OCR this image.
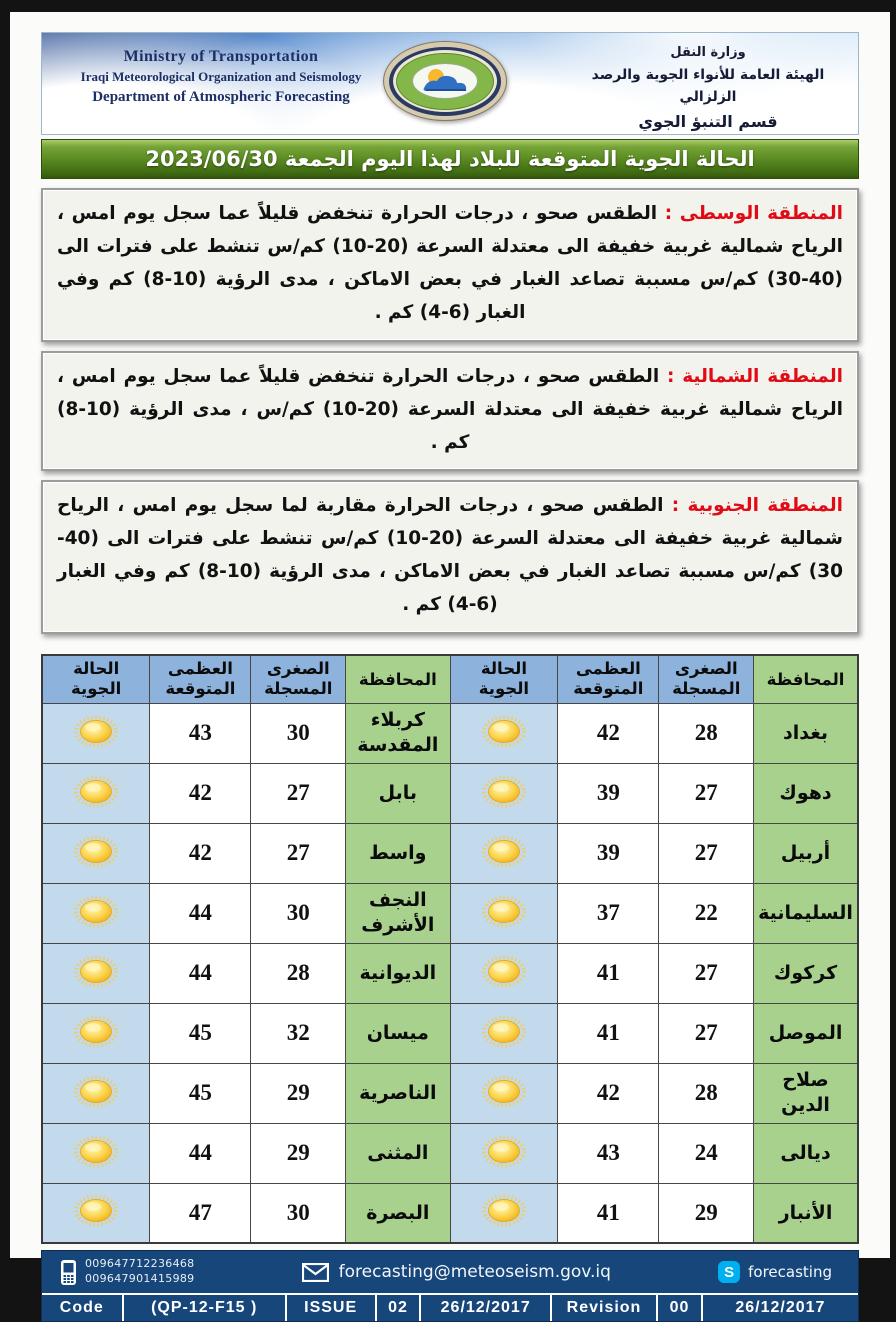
Ministry of Transportation
Iraqi Meteorological Organization and Seismology
Department of Atmospheric Forecasting
وزارة النقل
الهيئة العامة للأنواء الجوية والرصد الزلزالي
قسم التنبؤ الجوي
الحالة الجوية المتوقعة للبلاد لهذا اليوم الجمعة 2023/06/30
المنطقة الوسطى : الطقس صحو ، درجات الحرارة تنخفض قليلاً عما سجل يوم امس ، الرياح شمالية غربية خفيفة الى معتدلة السرعة (20-10) كم/س تنشط على فترات الى (40-30) كم/س مسببة تصاعد الغبار في بعض الاماكن ، مدى الرؤية (10-8) كم وفي الغبار (6-4) كم .
المنطقة الشمالية : الطقس صحو ، درجات الحرارة تنخفض قليلاً عما سجل يوم امس ، الرياح شمالية غربية خفيفة الى معتدلة السرعة (20-10) كم/س ، مدى الرؤية (10-8) كم .
المنطقة الجنوبية : الطقس صحو ، درجات الحرارة مقاربة لما سجل يوم امس ، الرياح شمالية غربية خفيفة الى معتدلة السرعة (20-10) كم/س تنشط على فترات الى (40-30) كم/س مسببة تصاعد الغبار في بعض الاماكن ، مدى الرؤية (10-8) كم وفي الغبار (6-4) كم .
المحافظة	الصغرى المسجلة	العظمى المتوقعة	الحالة الجوية	المحافظة	الصغرى المسجلة	العظمى المتوقعة	الحالة الجوية
بغداد	28	42		كربلاء المقدسة	30	43	
دهوك	27	39		بابل	27	42	
أربيل	27	39		واسط	27	42	
السليمانية	22	37		النجف الأشرف	30	44	
كركوك	27	41		الديوانية	28	44	
الموصل	27	41		ميسان	32	45	
صلاح الدين	28	42		الناصرية	29	45	
ديالى	24	43		المثنى	29	44	
الأنبار	29	41		البصرة	30	47	
009647712236468
009647901415989	forecasting@meteoseism.gov.iq	S forecasting
Code	(QP-12-F15 )	ISSUE	02	26/12/2017	Revision	00	26/12/2017
